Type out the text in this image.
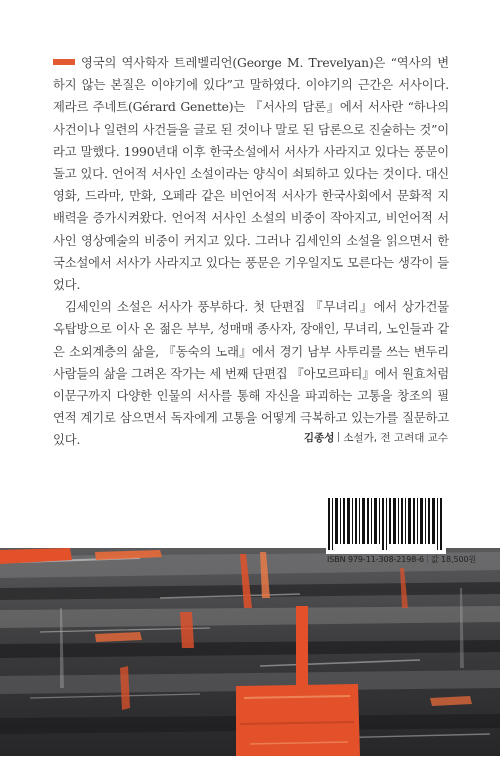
영국의 역사학자 트레벨리언(George M. Trevelyan)은 “역사의 변하지 않는 본질은 이야기에 있다”고 말하였다. 이야기의 근간은 서사이다. 제라르 주네트(Gérard Genette)는 『서사의 담론』에서 서사란 “하나의 사건이나 일련의 사건들을 글로 된 것이나 말로 된 담론으로 진술하는 것”이라고 말했다. 1990년대 이후 한국소설에서 서사가 사라지고 있다는 풍문이 돌고 있다. 언어적 서사인 소설이라는 양식이 쇠퇴하고 있다는 것이다. 대신 영화, 드라마, 만화, 오페라 같은 비언어적 서사가 한국사회에서 문화적 지배력을 증가시켜왔다. 언어적 서사인 소설의 비중이 작아지고, 비언어적 서사인 영상예술의 비중이 커지고 있다. 그러나 김세인의 소설을 읽으면서 한국소설에서 서사가 사라지고 있다는 풍문은 기우일지도 모른다는 생각이 들었다.

김세인의 소설은 서사가 풍부하다. 첫 단편집 『무녀리』에서 상가건물 옥탑방으로 이사 온 젊은 부부, 성매매 종사자, 장애인, 무녀리, 노인들과 같은 소외계층의 삶을, 『동숙의 노래』에서 경기 남부 사투리를 쓰는 변두리 사람들의 삶을 그려온 작가는 세 번째 단편집 『아모르파티』에서 원효처럼 이문구까지 다양한 인물의 서사를 통해 자신을 파괴하는 고통을 창조의 필연적 계기로 삼으면서 독자에게 고통을 어떻게 극복하고 있는가를 질문하고 있다.	김종성 소설가, 전 고려대 교수
ISBN 979-11-308-2198-6 값 18,500원
